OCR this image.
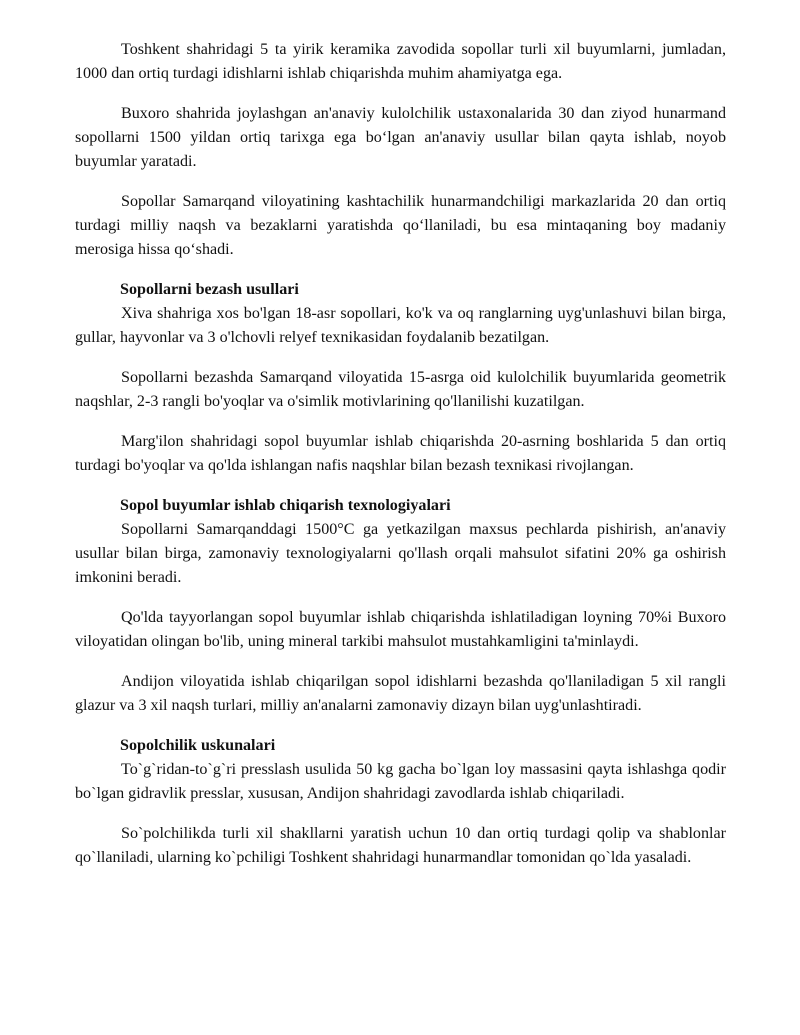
Toshkent shahridagi 5 ta yirik keramika zavodida sopollar turli xil buyumlarni, jumladan, 1000 dan ortiq turdagi idishlarni ishlab chiqarishda muhim ahamiyatga ega.

Buxoro shahrida joylashgan an'anaviy kulolchilik ustaxonalarida 30 dan ziyod hunarmand sopollarni 1500 yildan ortiq tarixga ega bo‘lgan an'anaviy usullar bilan qayta ishlab, noyob buyumlar yaratadi.

Sopollar Samarqand viloyatining kashtachilik hunarmandchiligi markazlarida 20 dan ortiq turdagi milliy naqsh va bezaklarni yaratishda qo‘llaniladi, bu esa mintaqaning boy madaniy merosiga hissa qo‘shadi.

Sopollarni bezash usullari

Xiva shahriga xos bo'lgan 18-asr sopollari, ko'k va oq ranglarning uyg'unlashuvi bilan birga, gullar, hayvonlar va 3 o'lchovli relyef texnikasidan foydalanib bezatilgan.

Sopollarni bezashda Samarqand viloyatida 15-asrga oid kulolchilik buyumlarida geometrik naqshlar, 2-3 rangli bo'yoqlar va o'simlik motivlarining qo'llanilishi kuzatilgan.

Marg'ilon shahridagi sopol buyumlar ishlab chiqarishda 20-asrning boshlarida 5 dan ortiq turdagi bo'yoqlar va qo'lda ishlangan nafis naqshlar bilan bezash texnikasi rivojlangan.

Sopol buyumlar ishlab chiqarish texnologiyalari

Sopollarni Samarqanddagi 1500°C ga yetkazilgan maxsus pechlarda pishirish, an'anaviy usullar bilan birga, zamonaviy texnologiyalarni qo'llash orqali mahsulot sifatini 20% ga oshirish imkonini beradi.

Qo'lda tayyorlangan sopol buyumlar ishlab chiqarishda ishlatiladigan loyning 70%i Buxoro viloyatidan olingan bo'lib, uning mineral tarkibi mahsulot mustahkamligini ta'minlaydi.

Andijon viloyatida ishlab chiqarilgan sopol idishlarni bezashda qo'llaniladigan 5 xil rangli glazur va 3 xil naqsh turlari, milliy an'analarni zamonaviy dizayn bilan uyg'unlashtiradi.

Sopolchilik uskunalari

To`g`ridan-to`g`ri presslash usulida 50 kg gacha bo`lgan loy massasini qayta ishlashga qodir bo`lgan gidravlik presslar, xususan, Andijon shahridagi zavodlarda ishlab chiqariladi.

So`polchilikda turli xil shakllarni yaratish uchun 10 dan ortiq turdagi qolip va shablonlar qo`llaniladi, ularning ko`pchiligi Toshkent shahridagi hunarmandlar tomonidan qo`lda yasaladi.
